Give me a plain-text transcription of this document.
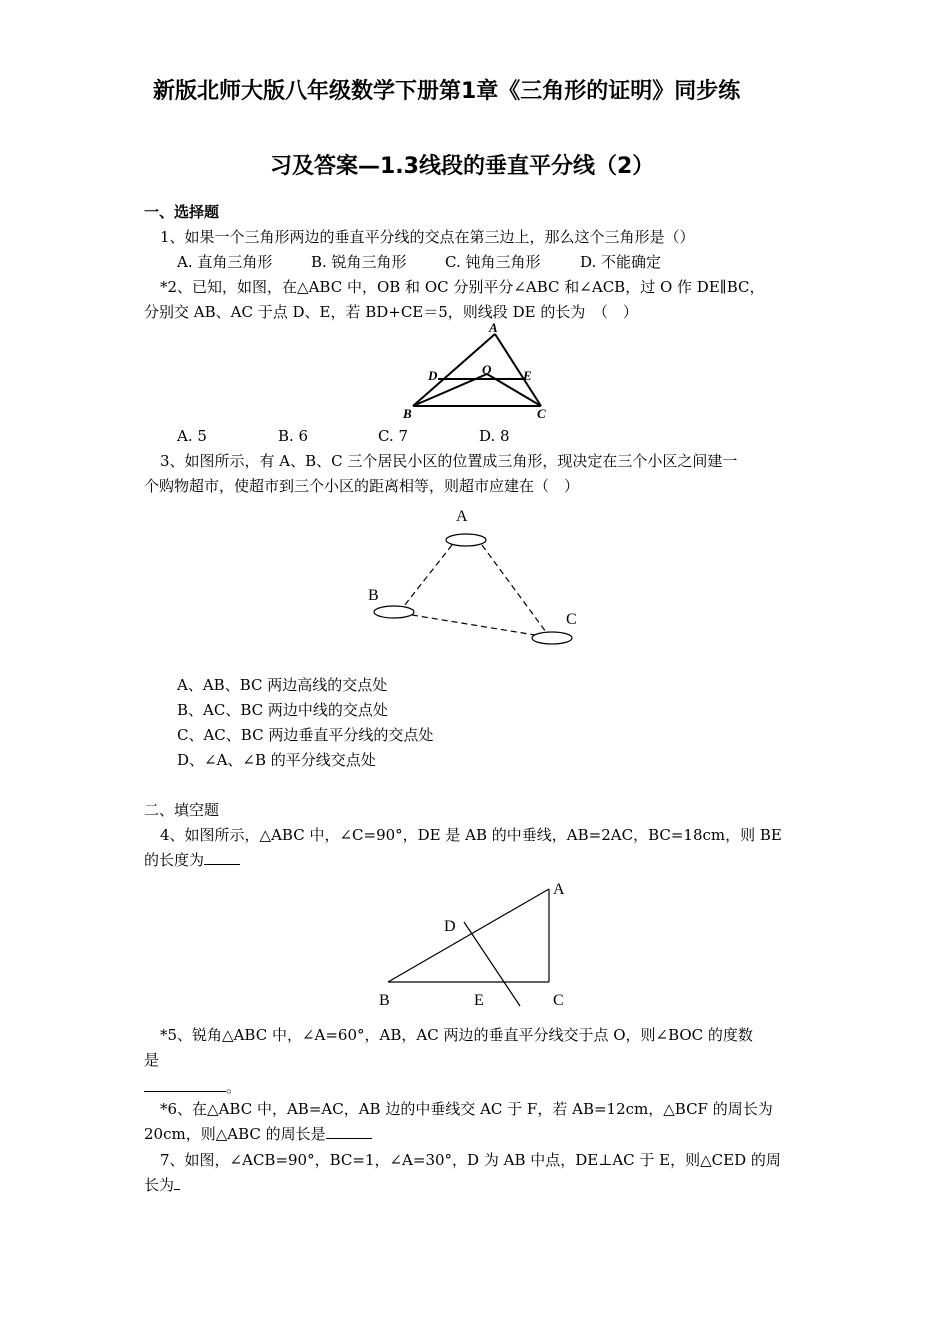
新版北师大版八年级数学下册第1章《三角形的证明》同步练
习及答案—1.3线段的垂直平分线（2）
一、选择题
1、如果一个三角形两边的垂直平分线的交点在第三边上，那么这个三角形是（）
A. 直角三角形	B. 锐角三角形	C. 钝角三角形	D. 不能确定
*2、已知，如图，在△ABC 中，OB 和 OC 分别平分∠ABC 和∠ACB，过 O 作 DE∥BC，
分别交 AB、AC 于点 D、E，若 BD+CE＝5，则线段 DE 的长为　（　）
A
D	O E
B	C
A. 5	B. 6	C. 7	D. 8
3、如图所示，有 A、B、C 三个居民小区的位置成三角形，现决定在三个小区之间建一
个购物超市，使超市到三个小区的距离相等，则超市应建在（　）
A
B
C
A、AB、BC 两边高线的交点处
B、AC、BC 两边中线的交点处
C、AC、BC 两边垂直平分线的交点处
D、∠A、∠B 的平分线交点处
二、填空题
4、如图所示，△ABC 中，∠C=90°，DE 是 AB 的中垂线，AB=2AC，BC=18cm，则 BE
的长度为
A
D
B	E	C
*5、锐角△ABC 中，∠A=60°，AB，AC 两边的垂直平分线交于点 O，则∠BOC 的度数
是
。
*6、在△ABC 中，AB=AC，AB 边的中垂线交 AC 于 F，若 AB=12cm，△BCF 的周长为
20cm，则△ABC 的周长是
7、如图，∠ACB=90°，BC=1，∠A=30°，D 为 AB 中点，DE⊥AC 于 E，则△CED 的周
长为
